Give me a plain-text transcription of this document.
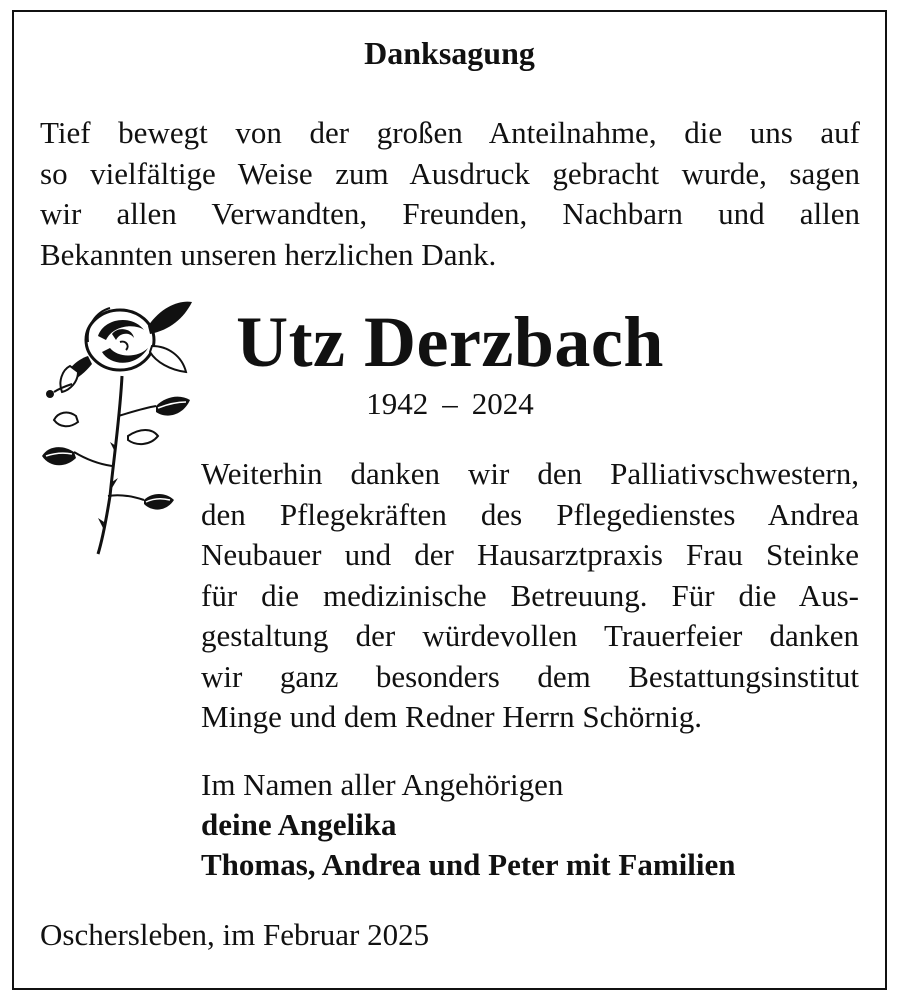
Danksagung
Tief bewegt von der großen Anteilnahme, die uns auf
so vielfältige Weise zum Ausdruck gebracht wurde, sagen
wir allen Verwandten, Freunden, Nachbarn und allen
Bekannten unseren herzlichen Dank.
Utz Derzbach
1942 – 2024
Weiterhin danken wir den Palliativschwestern,
den Pflegekräften des Pflegedienstes Andrea
Neubauer und der Hausarztpraxis Frau Steinke
für die medizinische Betreuung. Für die Aus-
gestaltung der würdevollen Trauerfeier danken
wir ganz besonders dem Bestattungsinstitut
Minge und dem Redner Herrn Schörnig.
Im Namen aller Angehörigen
deine Angelika
Thomas, Andrea und Peter mit Familien
Oschersleben, im Februar 2025
